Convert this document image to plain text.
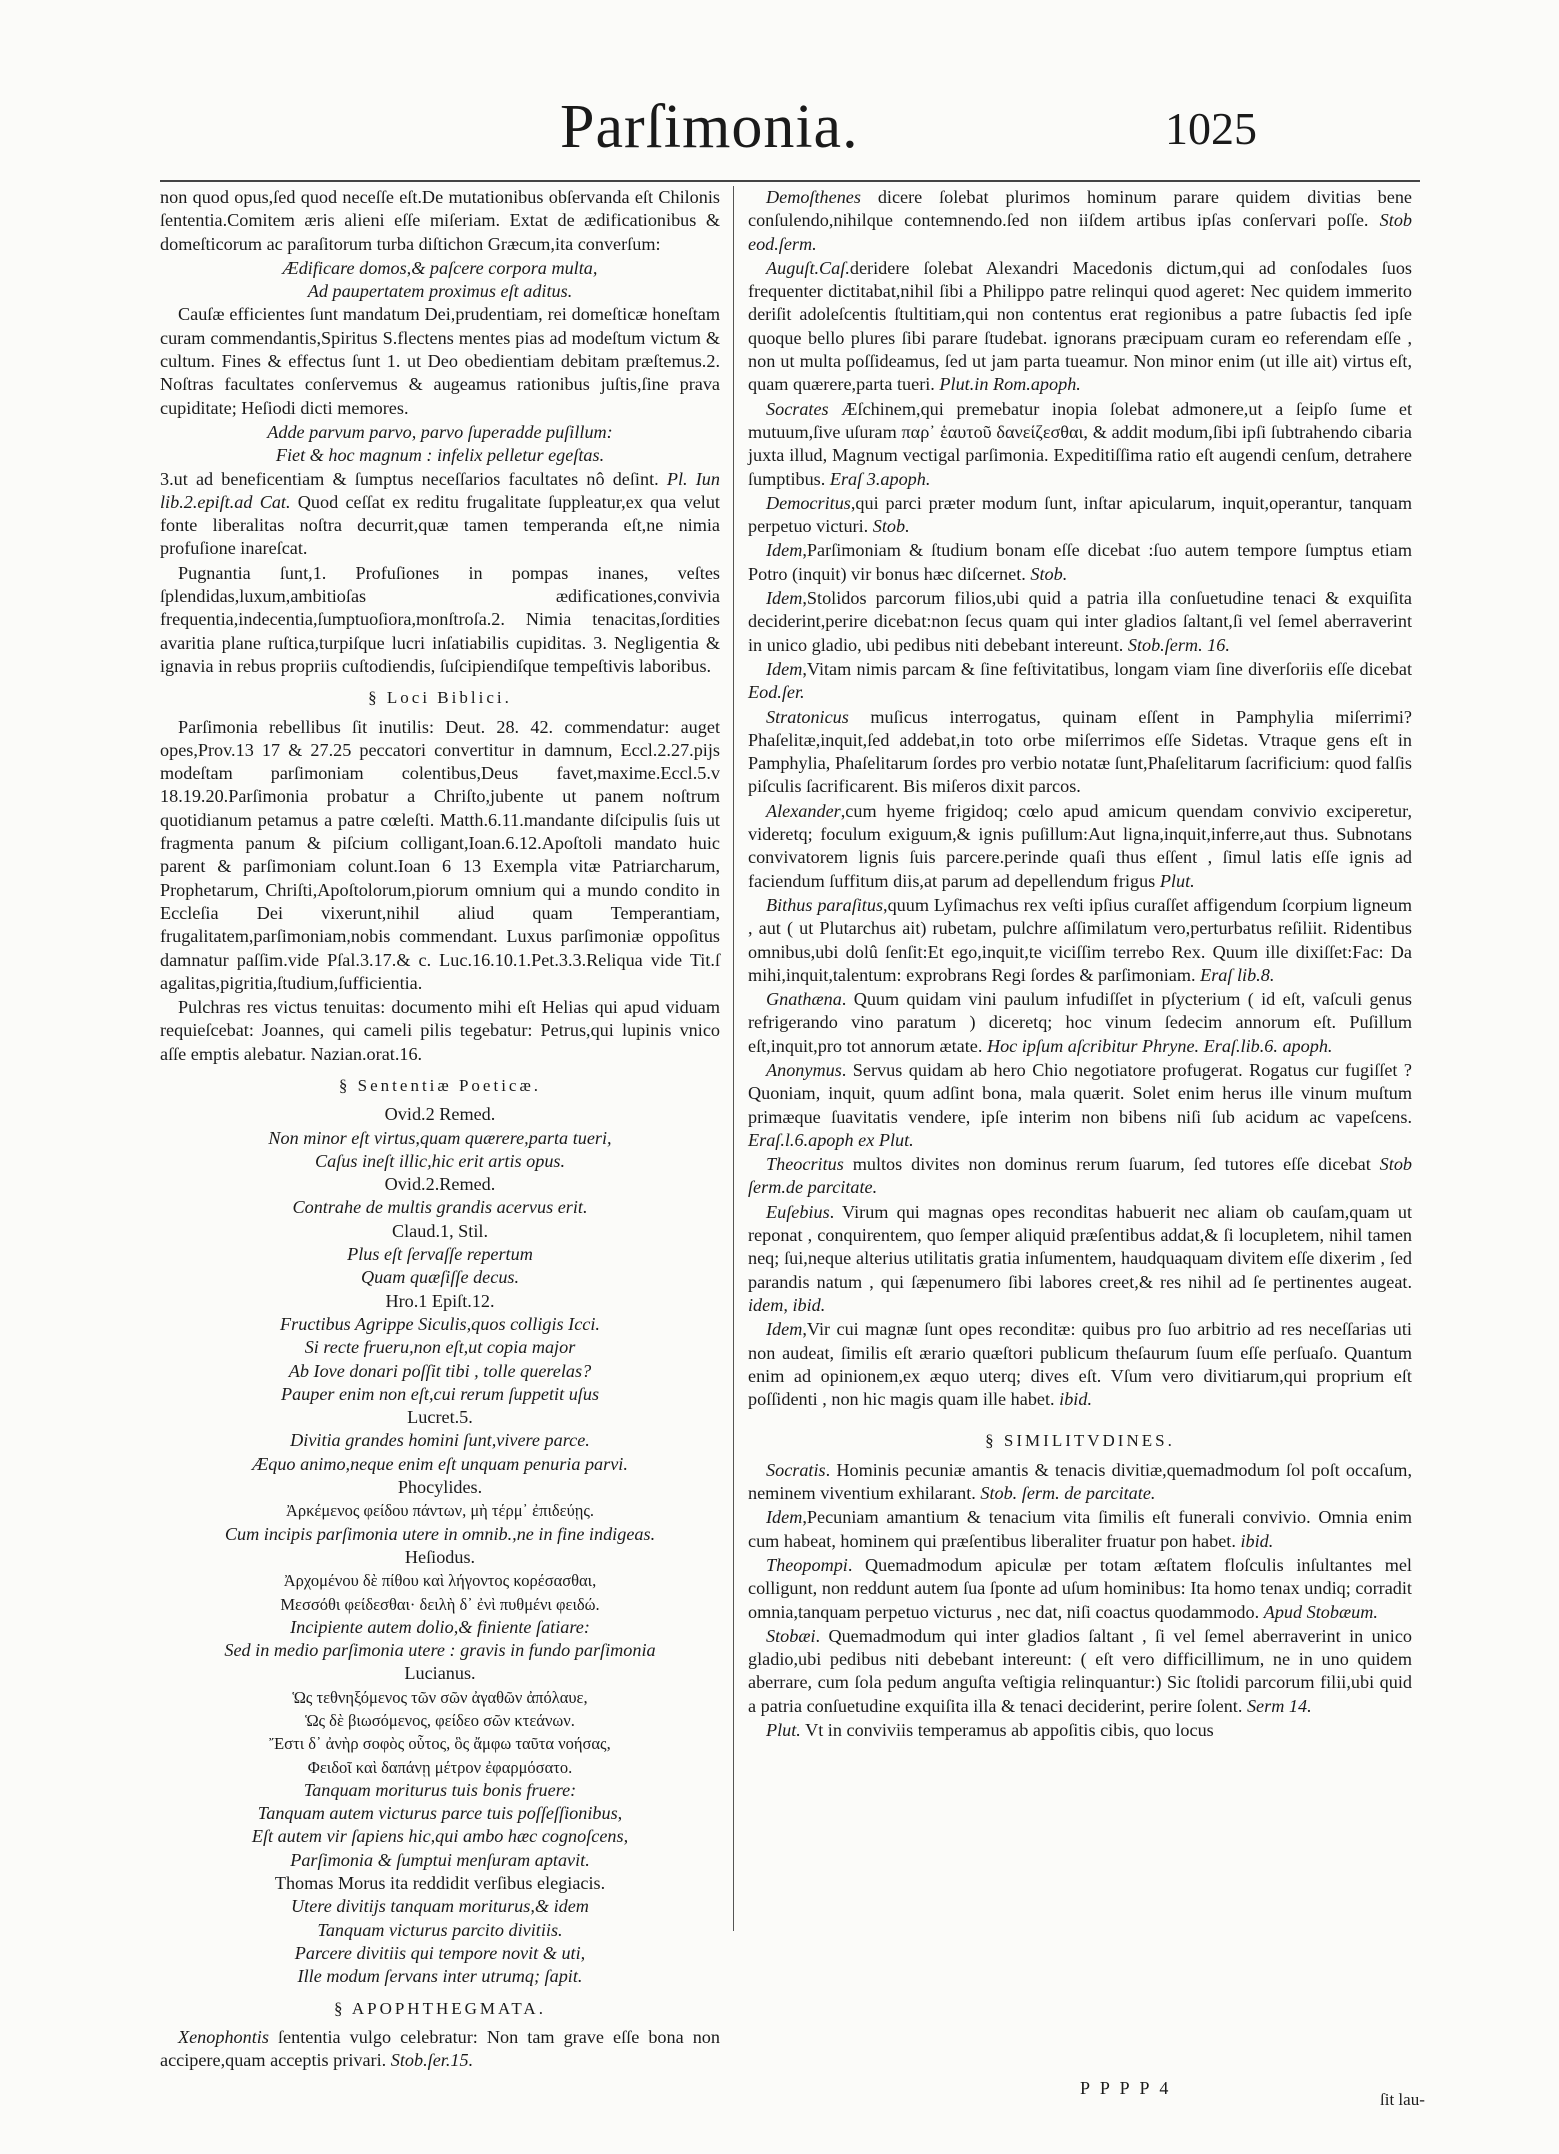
Parſimonia.	1025

non quod opus,ſed quod neceſſe eſt.De mutationibus obſervanda eſt Chilonis ſententia.Comitem æris alieni eſſe miſeriam. Extat de ædificationibus & domeſticorum ac paraſitorum turba diſtichon Græcum,ita converſum:

Ædificare domos,& paſcere corpora multa,

Ad paupertatem proximus eſt aditus.

Cauſæ efficientes ſunt mandatum Dei,prudentiam, rei domeſticæ honeſtam curam commendantis,Spiritus S.flectens mentes pias ad modeſtum victum & cultum. Fines & effectus ſunt 1. ut Deo obedientiam debitam præſtemus.2. Noſtras facultates conſervemus & augeamus rationibus juſtis,ſine prava cupiditate; Heſiodi dicti memores.

Adde parvum parvo, parvo ſuperadde puſillum:

Fiet & hoc magnum : infelix pelletur egeſtas.

3.ut ad beneficentiam & ſumptus neceſſarios facultates nô deſint. Pl. Iun lib.2.epiſt.ad Cat. Quod ceſſat ex reditu frugalitate ſuppleatur,ex qua velut fonte liberalitas noſtra decurrit,quæ tamen temperanda eſt,ne nimia profuſione inareſcat.

Pugnantia ſunt,1. Profuſiones in pompas inanes, veſtes ſplendidas,luxum,ambitioſas ædificationes,convivia frequentia,indecentia,ſumptuoſiora,monſtroſa.2. Nimia tenacitas,ſordities avaritia plane ruſtica,turpiſque lucri inſatiabilis cupiditas. 3. Negligentia & ignavia in rebus propriis cuſtodiendis, ſuſcipiendiſque tempeſtivis laboribus.

§ Loci Biblici.

Parſimonia rebellibus ſit inutilis: Deut. 28. 42. commendatur: auget opes,Prov.13 17 & 27.25 peccatori convertitur in damnum, Eccl.2.27.pijs modeſtam parſimoniam colentibus,Deus favet,maxime.Eccl.5.v 18.19.20.Parſimonia probatur a Chriſto,jubente ut panem noſtrum quotidianum petamus a patre cœleſti. Matth.6.11.mandante diſcipulis ſuis ut fragmenta panum & piſcium colligant,Ioan.6.12.Apoſtoli mandato huic parent & parſimoniam colunt.Ioan 6 13 Exempla vitæ Patriarcharum, Prophetarum, Chriſti,Apoſtolorum,piorum omnium qui a mundo condito in Eccleſia Dei vixerunt,nihil aliud quam Temperantiam, frugalitatem,parſimoniam,nobis commendant. Luxus parſimoniæ oppoſitus damnatur paſſim.vide Pſal.3.17.& c. Luc.16.10.1.Pet.3.3.Reliqua vide Tit.ſ agalitas,pigritia,ſtudium,ſufficientia.

Pulchras res victus tenuitas: documento mihi eſt Helias qui apud viduam requieſcebat: Joannes, qui cameli pilis tegebatur: Petrus,qui lupinis vnico aſſe emptis alebatur. Nazian.orat.16.

§ Sententiæ Poeticæ.

Ovid.2 Remed.

Non minor eſt virtus,quam quærere,parta tueri,

Caſus ineſt illic,hic erit artis opus.

Ovid.2.Remed.

Contrahe de multis grandis acervus erit.

Claud.1, Stil.

Plus eſt ſervaſſe repertum

Quam quæſiſſe decus.

Hro.1 Epiſt.12.

Fructibus Agrippe Siculis,quos colligis Icci.

Si recte frueru,non eſt,ut copia major

Ab Iove donari poſſit tibi , tolle querelas?

Pauper enim non eſt,cui rerum ſuppetit uſus

Lucret.5.

Divitia grandes homini ſunt,vivere parce.

Æquo animo,neque enim eſt unquam penuria parvi.

Phocylides.

Ἀρκέμενος φείδου πάντων, μὴ τέρμ᾽ ἐπιδεύῃς.

Cum incipis parſimonia utere in omnib.,ne in fine indigeas.

Heſiodus.

Ἀρχομένου δὲ πίθου καὶ λήγοντος κορέσασθαι,

Μεσσόθι φείδεσθαι· δειλὴ δ᾽ ἐνὶ πυθμένι φειδώ.

Incipiente autem dolio,& finiente ſatiare:

Sed in medio parſimonia utere : gravis in fundo parſimonia

Lucianus.

Ὡς τεθνηξόμενος τῶν σῶν ἀγαθῶν ἀπόλαυε,

Ὡς δὲ βιωσόμενος, φείδεο σῶν κτεάνων.

Ἔστι δ᾽ ἀνὴρ σοφὸς οὗτος, ὃς ἄμφω ταῦτα νοήσας,

Φειδοῖ καὶ δαπάνῃ μέτρον ἐφαρμόσατο.

Tanquam moriturus tuis bonis fruere:

Tanquam autem victurus parce tuis poſſeſſionibus,

Eſt autem vir ſapiens hic,qui ambo hæc cognoſcens,

Parſimonia & ſumptui menſuram aptavit.

Thomas Morus ita reddidit verſibus elegiacis.

Utere divitijs tanquam moriturus,& idem

Tanquam victurus parcito divitiis.

Parcere divitiis qui tempore novit & uti,

Ille modum ſervans inter utrumq; ſapit.

§ APOPHTHEGMATA.

Xenophontis ſententia vulgo celebratur: Non tam grave eſſe bona non accipere,quam acceptis privari. Stob.ſer.15.

Demoſthenes dicere ſolebat plurimos hominum parare quidem divitias bene conſulendo,nihilque contemnendo.ſed non iiſdem artibus ipſas conſervari poſſe. Stob eod.ſerm.

Auguſt.Caſ.deridere ſolebat Alexandri Macedonis dictum,qui ad conſodales ſuos frequenter dictitabat,nihil ſibi a Philippo patre relinqui quod ageret: Nec quidem immerito deriſit adoleſcentis ſtultitiam,qui non contentus erat regionibus a patre ſubactis ſed ipſe quoque bello plures ſibi parare ſtudebat. ignorans præcipuam curam eo referendam eſſe , non ut multa poſſideamus, ſed ut jam parta tueamur. Non minor enim (ut ille ait) virtus eſt, quam quærere,parta tueri. Plut.in Rom.apoph.

Socrates Æſchinem,qui premebatur inopia ſolebat admonere,ut a ſeipſo ſume et mutuum,ſive uſuram παρ᾽ ἑαυτοῦ δανείζεσθαι, & addit modum,ſibi ipſi ſubtrahendo cibaria juxta illud, Magnum vectigal parſimonia. Expeditiſſima ratio eſt augendi cenſum, detrahere ſumptibus. Eraſ 3.apoph.

Democritus,qui parci præter modum ſunt, inſtar apicularum, inquit,operantur, tanquam perpetuo victuri. Stob.

Idem,Parſimoniam & ſtudium bonam eſſe dicebat :ſuo autem tempore ſumptus etiam Potro (inquit) vir bonus hæc diſcernet. Stob.

Idem,Stolidos parcorum filios,ubi quid a patria illa conſuetudine tenaci & exquiſita deciderint,perire dicebat:non ſecus quam qui inter gladios ſaltant,ſi vel ſemel aberraverint in unico gladio, ubi pedibus niti debebant intereunt. Stob.ſerm. 16.

Idem,Vitam nimis parcam & ſine feſtivitatibus, longam viam ſine diverſoriis eſſe dicebat Eod.ſer.

Stratonicus muſicus interrogatus, quinam eſſent in Pamphylia miſerrimi?Phaſelitæ,inquit,ſed addebat,in toto orbe miſerrimos eſſe Sidetas. Vtraque gens eſt in Pamphylia, Phaſelitarum ſordes pro verbio notatæ ſunt,Phaſelitarum ſacrificium: quod falſis piſculis ſacrificarent. Bis miſeros dixit parcos.

Alexander,cum hyeme frigidoq; cœlo apud amicum quendam convivio exciperetur, videretq; foculum exiguum,& ignis puſillum:Aut ligna,inquit,inferre,aut thus. Subnotans convivatorem lignis ſuis parcere.perinde quaſi thus eſſent , ſimul latis eſſe ignis ad faciendum ſuffitum diis,at parum ad depellendum frigus Plut.

Bithus paraſitus,quum Lyſimachus rex veſti ipſius curaſſet affigendum ſcorpium ligneum , aut ( ut Plutarchus ait) rubetam, pulchre aſſimilatum vero,perturbatus reſiliit. Ridentibus omnibus,ubi dolû ſenſit:Et ego,inquit,te viciſſim terrebo Rex. Quum ille dixiſſet:Fac: Da mihi,inquit,talentum: exprobrans Regi ſordes & parſimoniam. Eraſ lib.8.

Gnathæna. Quum quidam vini paulum infudiſſet in pſycterium ( id eſt, vaſculi genus refrigerando vino paratum ) diceretq; hoc vinum ſedecim annorum eſt. Puſillum eſt,inquit,pro tot annorum ætate. Hoc ipſum aſcribitur Phryne. Eraſ.lib.6. apoph.

Anonymus. Servus quidam ab hero Chio negotiatore profugerat. Rogatus cur fugiſſet ? Quoniam, inquit, quum adſint bona, mala quærit. Solet enim herus ille vinum muſtum primæque ſuavitatis vendere, ipſe interim non bibens niſi ſub acidum ac vapeſcens. Eraſ.l.6.apoph ex Plut.

Theocritus multos divites non dominus rerum ſuarum, ſed tutores eſſe dicebat Stob ſerm.de parcitate.

Euſebius. Virum qui magnas opes reconditas habuerit nec aliam ob cauſam,quam ut reponat , conquirentem, quo ſemper aliquid præſentibus addat,& ſi locupletem, nihil tamen neq; ſui,neque alterius utilitatis gratia inſumentem, haudquaquam divitem eſſe dixerim , ſed parandis natum , qui ſæpenumero ſibi labores creet,& res nihil ad ſe pertinentes augeat. idem, ibid.

Idem,Vir cui magnæ ſunt opes reconditæ: quibus pro ſuo arbitrio ad res neceſſarias uti non audeat, ſimilis eſt ærario quæſtori publicum theſaurum ſuum eſſe perſuaſo. Quantum enim ad opinionem,ex æquo uterq; dives eſt. Vſum vero divitiarum,qui proprium eſt poſſidenti , non hic magis quam ille habet. ibid.

§ SIMILITVDINES.

Socratis. Hominis pecuniæ amantis & tenacis divitiæ,quemadmodum ſol poſt occaſum, neminem viventium exhilarant. Stob. ſerm. de parcitate.

Idem,Pecuniam amantium & tenacium vita ſimilis eſt funerali convivio. Omnia enim cum habeat, hominem qui præſentibus liberaliter fruatur pon habet. ibid.

Theopompi. Quemadmodum apiculæ per totam æſtatem floſculis inſultantes mel colligunt, non reddunt autem ſua ſponte ad uſum hominibus: Ita homo tenax undiq; corradit omnia,tanquam perpetuo victurus , nec dat, niſi coactus quodammodo. Apud Stobæum.

Stobæi. Quemadmodum qui inter gladios ſaltant , ſi vel ſemel aberraverint in unico gladio,ubi pedibus niti debebant intereunt: ( eſt vero difficillimum, ne in uno quidem aberrare, cum ſola pedum anguſta veſtigia relinquantur:) Sic ſtolidi parcorum filii,ubi quid a patria conſuetudine exquiſita illa & tenaci deciderint, perire ſolent. Serm 14.

Plut. Vt in conviviis temperamus ab appoſitis cibis, quo locus

P P P P 4
ſit lau-
